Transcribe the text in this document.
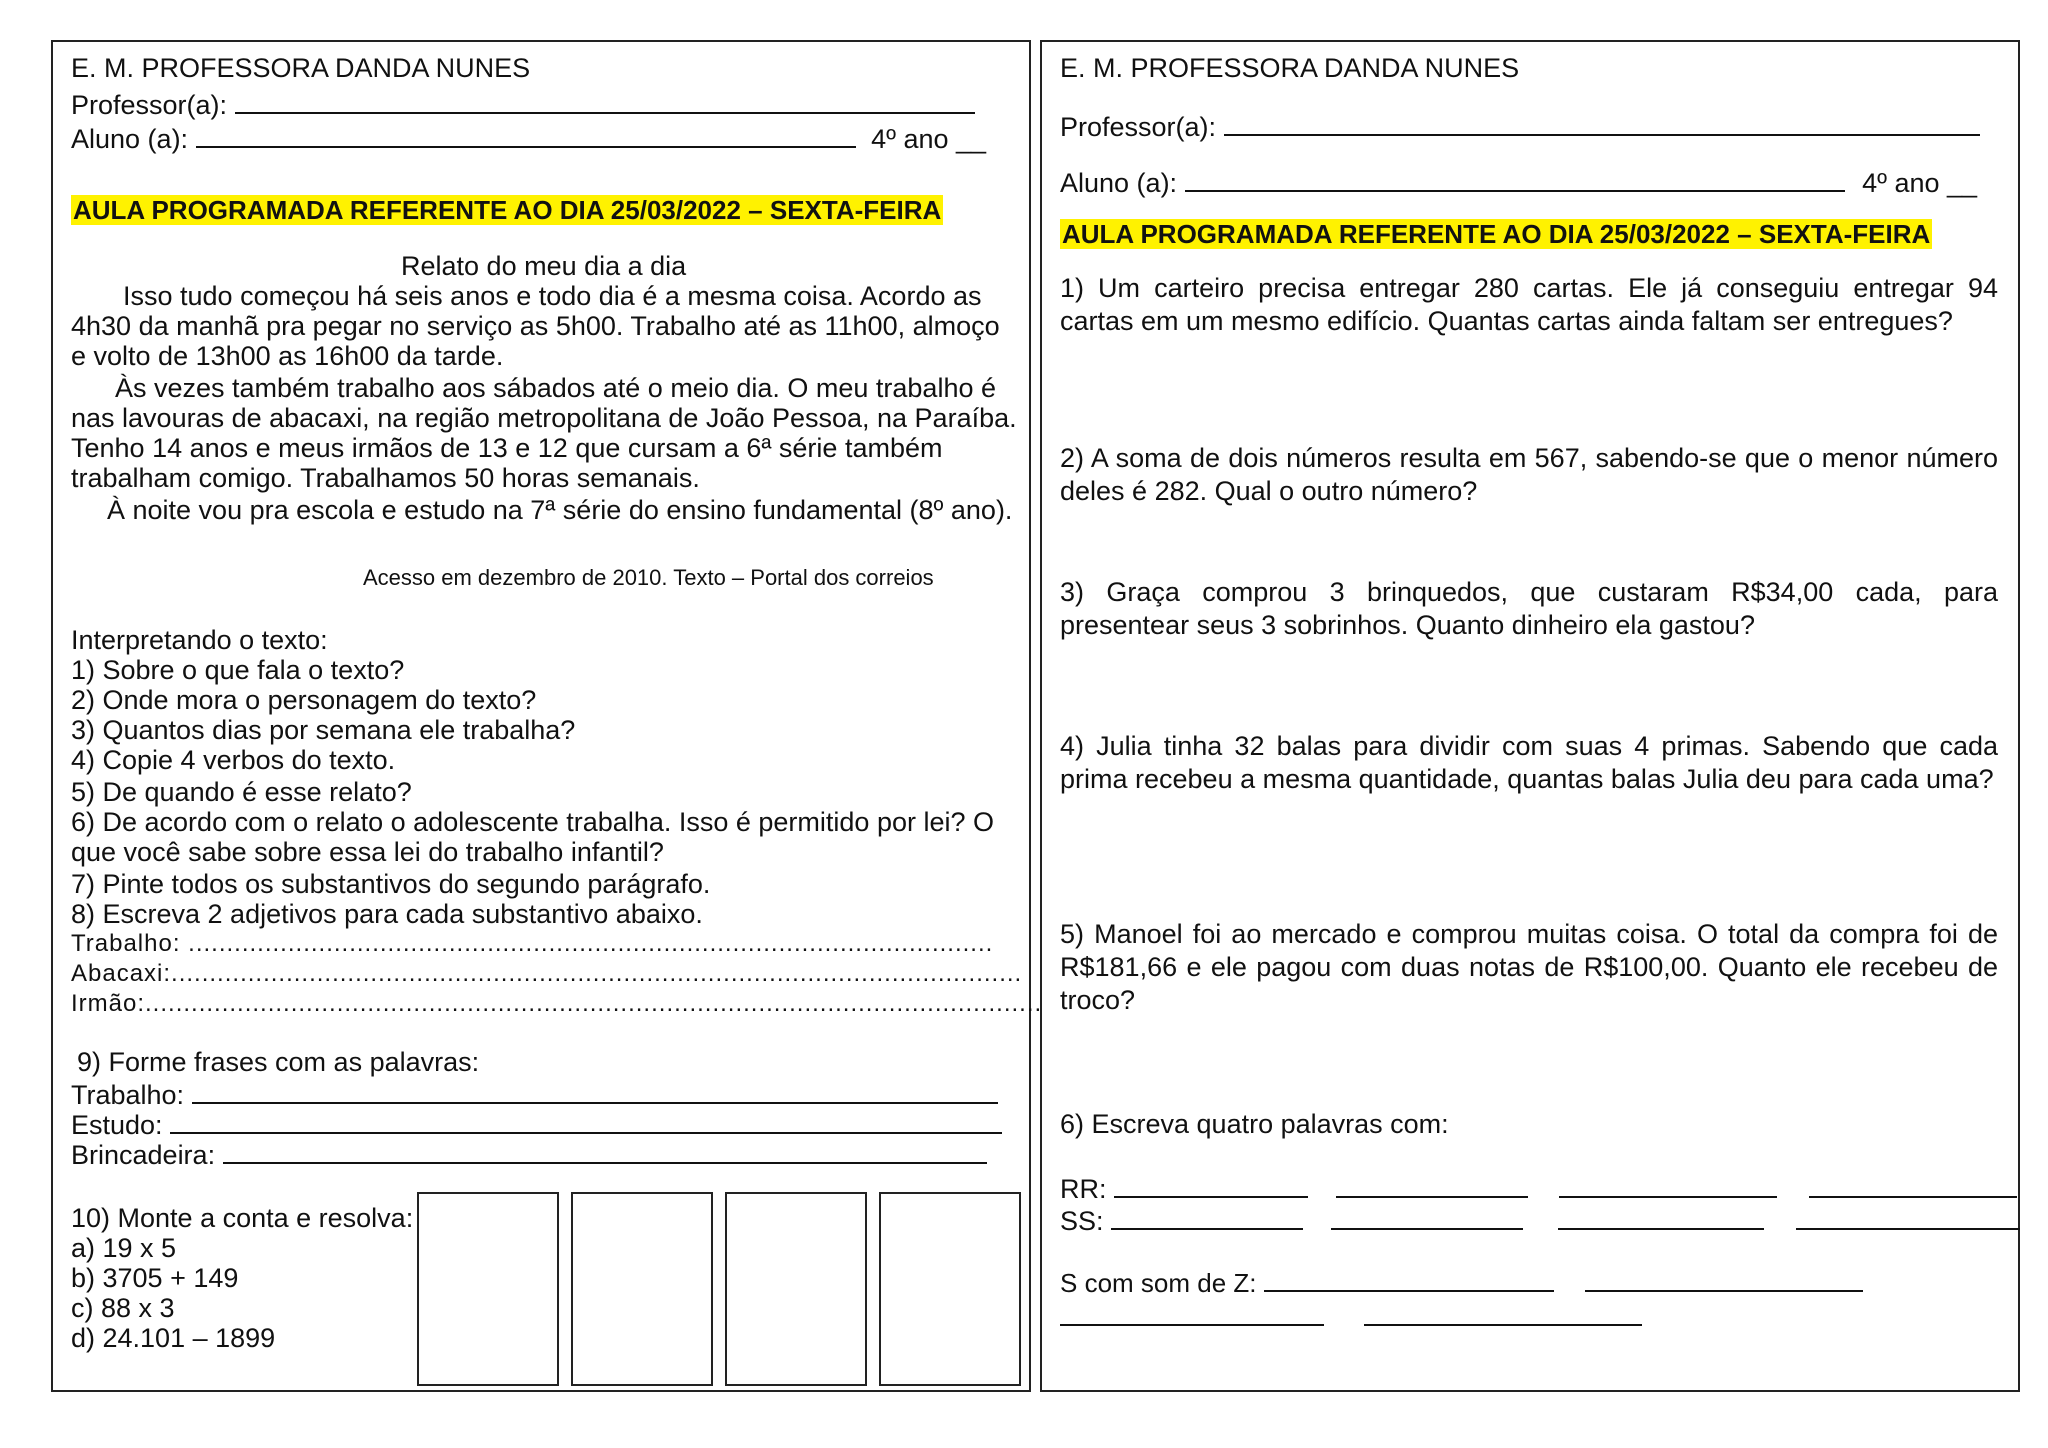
E. M. PROFESSORA DANDA NUNES
Professor(a):
Aluno (a):	4º ano __
AULA PROGRAMADA REFERENTE AO DIA 25/03/2022 – SEXTA-FEIRA
Relato do meu dia a dia
Isso tudo começou há seis anos e todo dia é a mesma coisa. Acordo as
4h30 da manhã pra pegar no serviço as 5h00. Trabalho até as 11h00, almoço
e volto de 13h00 as 16h00 da tarde.
Às vezes também trabalho aos sábados até o meio dia. O meu trabalho é
nas lavouras de abacaxi, na região metropolitana de João Pessoa, na Paraíba.
Tenho 14 anos e meus irmãos de 13 e 12 que cursam a 6ª série também
trabalham comigo. Trabalhamos 50 horas semanais.
À noite vou pra escola e estudo na 7ª série do ensino fundamental (8º ano).
Acesso em dezembro de 2010. Texto – Portal dos correios
Interpretando o texto:
1) Sobre o que fala o texto?
2) Onde mora o personagem do texto?
3) Quantos dias por semana ele trabalha?
4) Copie 4 verbos do texto.
5) De quando é esse relato?
6) De acordo com o relato o adolescente trabalha. Isso é permitido por lei? O
que você sabe sobre essa lei do trabalho infantil?
7) Pinte todos os substantivos do segundo parágrafo.
8) Escreva 2 adjetivos para cada substantivo abaixo.
Trabalho: .........................................................................................................
Abacaxi:...............................................................................................................
Irmão:.....................................................................................................................
9) Forme frases com as palavras:
Trabalho:
Estudo:
Brincadeira:
10) Monte a conta e resolva:
a) 19 x 5
b) 3705 + 149
c) 88 x 3
d) 24.101 – 1899
E. M. PROFESSORA DANDA NUNES
Professor(a):
Aluno (a):	4º ano __
AULA PROGRAMADA REFERENTE AO DIA 25/03/2022 – SEXTA-FEIRA
1) Um carteiro precisa entregar 280 cartas. Ele já conseguiu entregar 94 cartas em um mesmo edifício. Quantas cartas ainda faltam ser entregues?
2) A soma de dois números resulta em 567, sabendo-se que o menor número deles é 282. Qual o outro número?
3) Graça comprou 3 brinquedos, que custaram R$34,00 cada, para presentear seus 3 sobrinhos. Quanto dinheiro ela gastou?
4) Julia tinha 32 balas para dividir com suas 4 primas. Sabendo que cada prima recebeu a mesma quantidade, quantas balas Julia deu para cada uma?
5) Manoel foi ao mercado e comprou muitas coisa. O total da compra foi de R$181,66 e ele pagou com duas notas de R$100,00. Quanto ele recebeu de troco?
6) Escreva quatro palavras com:
RR:
SS:
S com som de Z:
